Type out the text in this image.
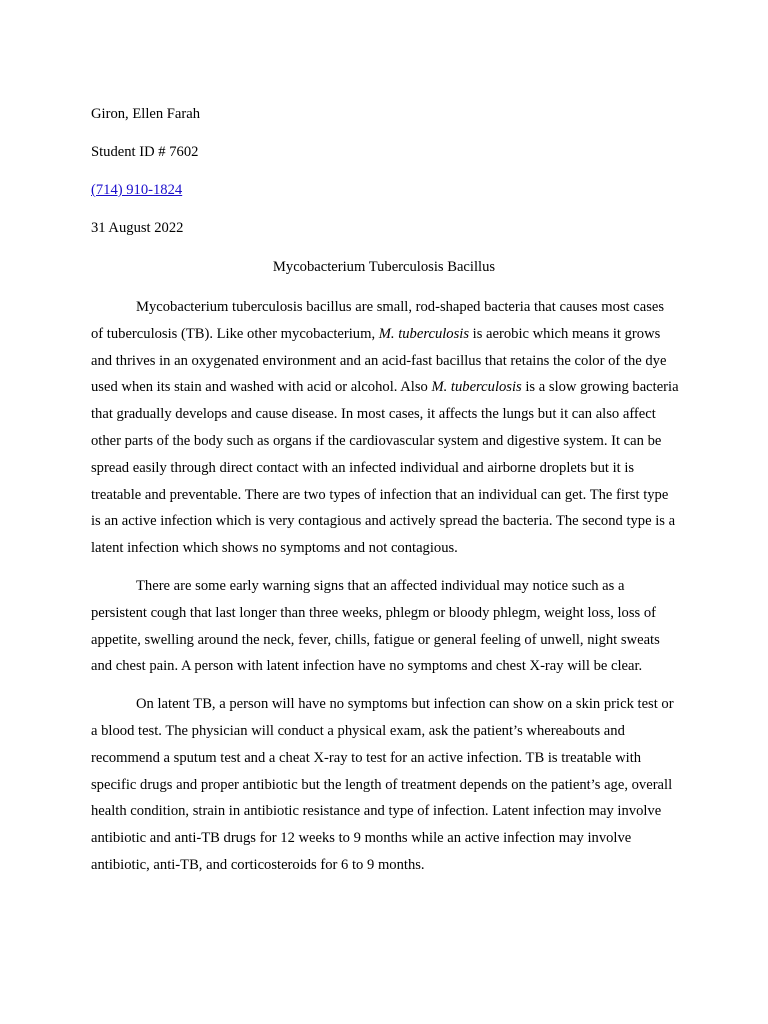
Giron, Ellen Farah
Student ID # 7602
(714) 910-1824
31 August 2022
Mycobacterium Tuberculosis Bacillus

Mycobacterium tuberculosis bacillus are small, rod-shaped bacteria that causes most cases of tuberculosis (TB). Like other mycobacterium, M. tuberculosis is aerobic which means it grows and thrives in an oxygenated environment and an acid-fast bacillus that retains the color of the dye used when its stain and washed with acid or alcohol. Also M. tuberculosis is a slow growing bacteria that gradually develops and cause disease. In most cases, it affects the lungs but it can also affect other parts of the body such as organs if the cardiovascular system and digestive system. It can be spread easily through direct contact with an infected individual and airborne droplets but it is treatable and preventable. There are two types of infection that an individual can get. The first type is an active infection which is very contagious and actively spread the bacteria. The second type is a latent infection which shows no symptoms and not contagious.

There are some early warning signs that an affected individual may notice such as a persistent cough that last longer than three weeks, phlegm or bloody phlegm, weight loss, loss of appetite, swelling around the neck, fever, chills, fatigue or general feeling of unwell, night sweats and chest pain. A person with latent infection have no symptoms and chest X-ray will be clear.

On latent TB, a person will have no symptoms but infection can show on a skin prick test or a blood test. The physician will conduct a physical exam, ask the patient’s whereabouts and recommend a sputum test and a cheat X-ray to test for an active infection. TB is treatable with specific drugs and proper antibiotic but the length of treatment depends on the patient’s age, overall health condition, strain in antibiotic resistance and type of infection. Latent infection may involve antibiotic and anti-TB drugs for 12 weeks to 9 months while an active infection may involve antibiotic, anti-TB, and corticosteroids for 6 to 9 months.
